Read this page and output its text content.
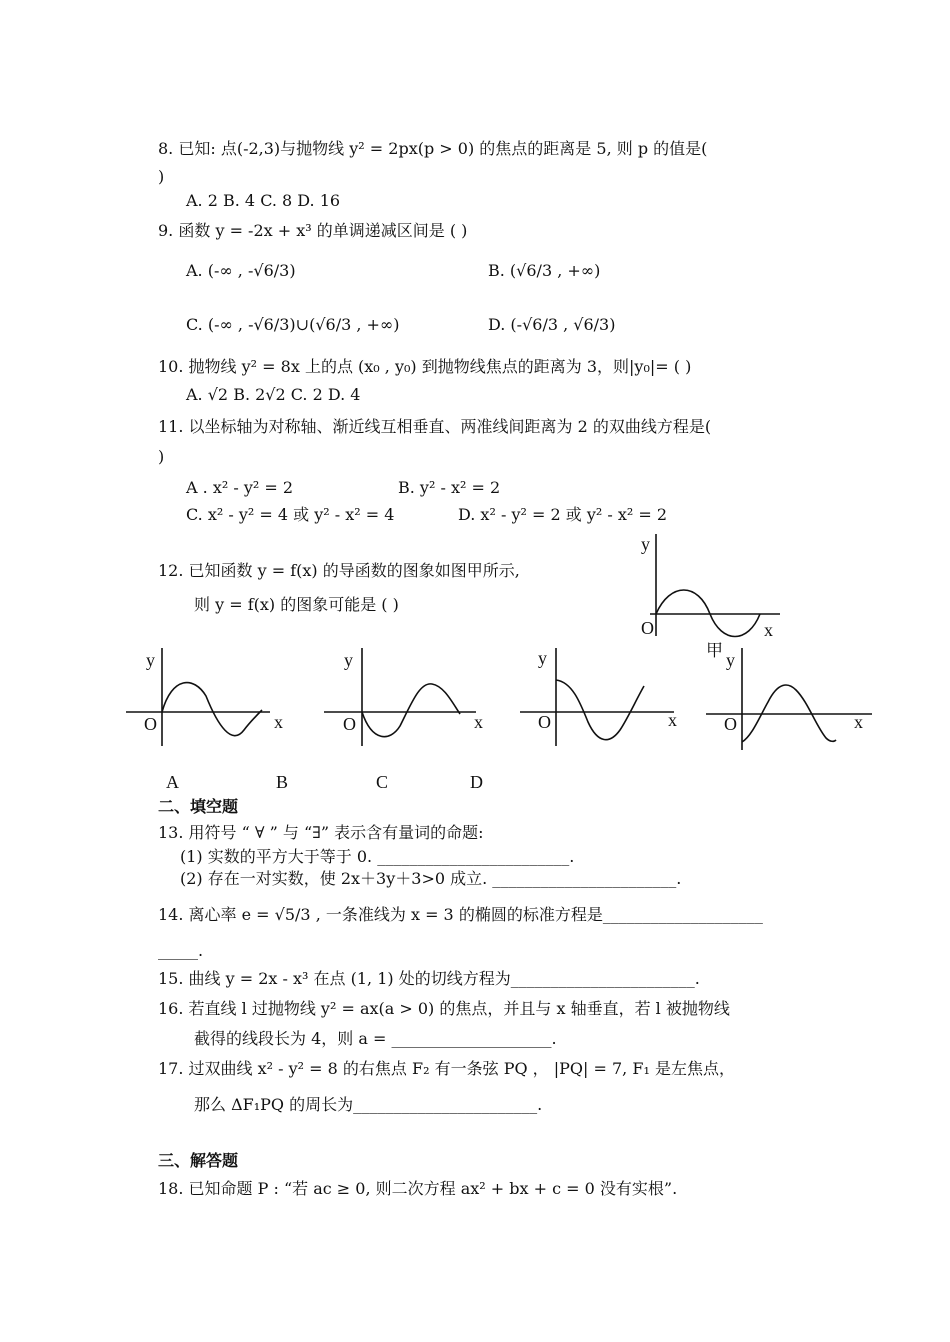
8. 已知: 点(-2,3)与抛物线 y² = 2px(p > 0) 的焦点的距离是 5, 则 p 的值是(
)
A. 2 B. 4 C. 8 D. 16
9. 函数 y = -2x + x³ 的单调递减区间是 ( )
A. (-∞ , -√6/3)	B. (√6/3 , +∞)
C. (-∞ , -√6/3)∪(√6/3 , +∞)	D. (-√6/3 , √6/3)
10. 抛物线 y² = 8x 上的点 (x₀ , y₀) 到抛物线焦点的距离为 3，则|y₀|= ( )
A. √2 B. 2√2 C. 2 D. 4
11. 以坐标轴为对称轴、渐近线互相垂直、两准线间距离为 2 的双曲线方程是(
)
A . x² - y² = 2	B. y² - x² = 2
C. x² - y² = 4 或 y² - x² = 4	D. x² - y² = 2 或 y² - x² = 2
12. 已知函数 y = f(x) 的导函数的图象如图甲所示,
则 y = f(x) 的图象可能是 ( )
y
O	x
甲
y
O	x
y
O	x
y
O	x
y
O	x
A	B	C	D
二、填空题
13. 用符号 “ ∀ ” 与 “∃” 表示含有量词的命题:
(1) 实数的平方大于等于 0. ________________________.
(2) 存在一对实数，使 2x＋3y＋3>0 成立. _______________________.
14. 离心率 e = √5/3 , 一条准线为 x = 3 的椭圆的标准方程是____________________
_____.
15. 曲线 y = 2x - x³ 在点 (1, 1) 处的切线方程为_______________________.
16. 若直线 l 过抛物线 y² = ax(a > 0) 的焦点，并且与 x 轴垂直，若 l 被抛物线
截得的线段长为 4，则 a = ____________________.
17. 过双曲线 x² - y² = 8 的右焦点 F₂ 有一条弦 PQ ， |PQ| = 7, F₁ 是左焦点，
那么 ΔF₁PQ 的周长为_______________________.
三、解答题
18. 已知命题 P : “若 ac ≥ 0, 则二次方程 ax² + bx + c = 0 没有实根”.
